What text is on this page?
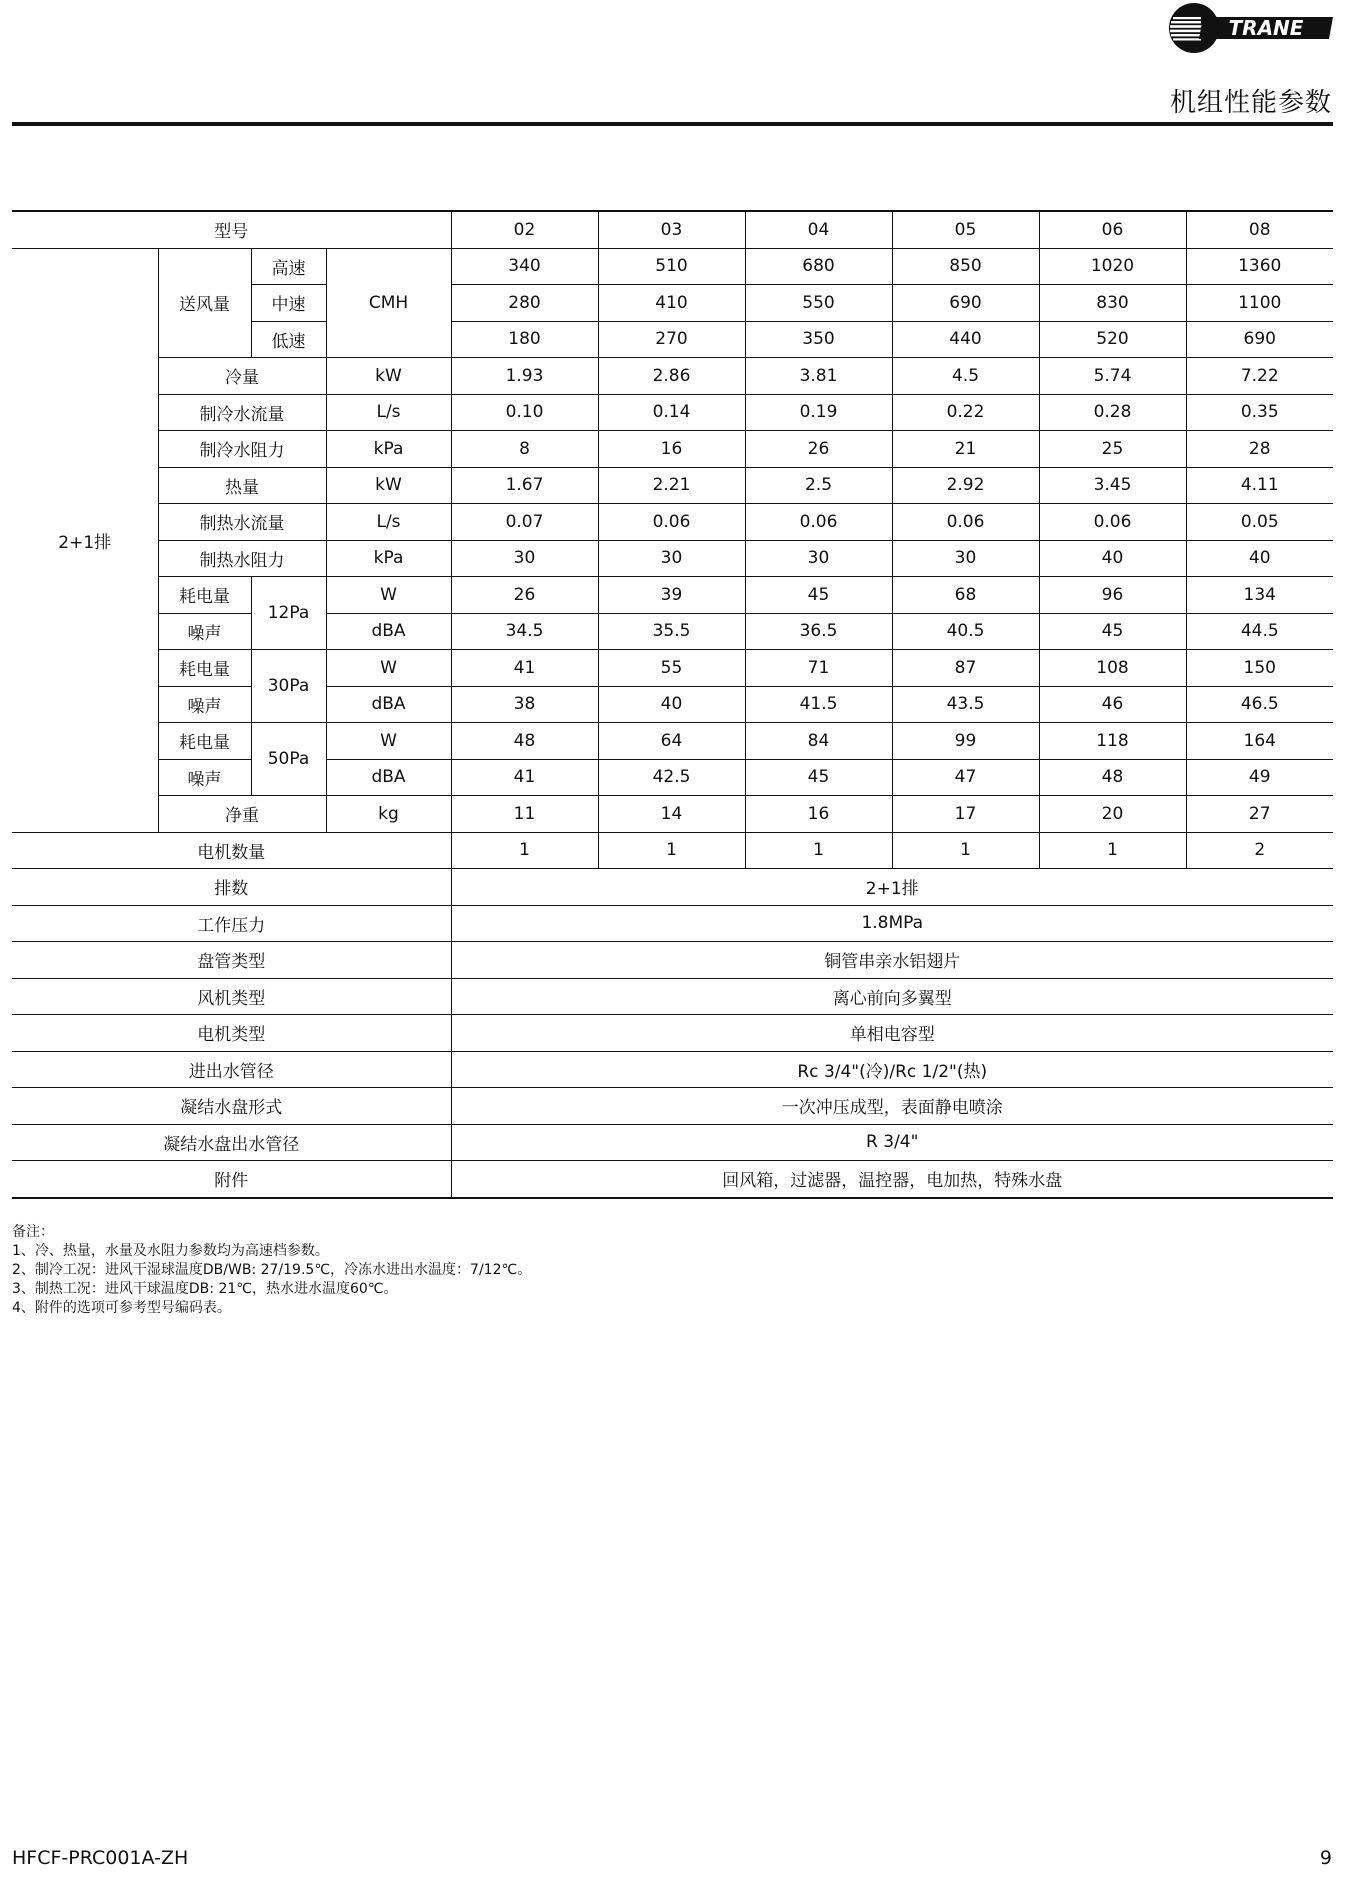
TRANE
机组性能参数
型号				02	03	04	05	06	08
2+1排	送风量	高速	CMH	340	510	680	850	1020	1360
		中速		280	410	550	690	830	1100
		低速		180	270	350	440	520	690
	冷量		kW	1.93	2.86	3.81	4.5	5.74	7.22
	制冷水流量		L/s	0.10	0.14	0.19	0.22	0.28	0.35
	制冷水阻力		kPa	8	16	26	21	25	28
	热量		kW	1.67	2.21	2.5	2.92	3.45	4.11
	制热水流量		L/s	0.07	0.06	0.06	0.06	0.06	0.05
	制热水阻力		kPa	30	30	30	30	40	40
	耗电量	12Pa	W	26	39	45	68	96	134
	噪声		dBA	34.5	35.5	36.5	40.5	45	44.5
	耗电量	30Pa	W	41	55	71	87	108	150
	噪声		dBA	38	40	41.5	43.5	46	46.5
	耗电量	50Pa	W	48	64	84	99	118	164
	噪声		dBA	41	42.5	45	47	48	49
	净重		kg	11	14	16	17	20	27
电机数量				1	1	1	1	1	2
排数				2+1排					
工作压力				1.8MPa					
盘管类型				铜管串亲水铝翅片					
风机类型				离心前向多翼型					
电机类型				单相电容型					
进出水管径				Rc 3/4"(冷)/Rc 1/2"(热)					
凝结水盘形式				一次冲压成型，表面静电喷涂					
凝结水盘出水管径				R 3/4"					
附件				回风箱，过滤器，温控器，电加热，特殊水盘					
备注：
1、冷、热量，水量及水阻力参数均为高速档参数。
2、制冷工况：进风干湿球温度DB/WB: 27/19.5℃，冷冻水进出水温度：7/12℃。
3、制热工况：进风干球温度DB: 21℃，热水进水温度60℃。
4、附件的选项可参考型号编码表。
HFCF-PRC001A-ZH	9
